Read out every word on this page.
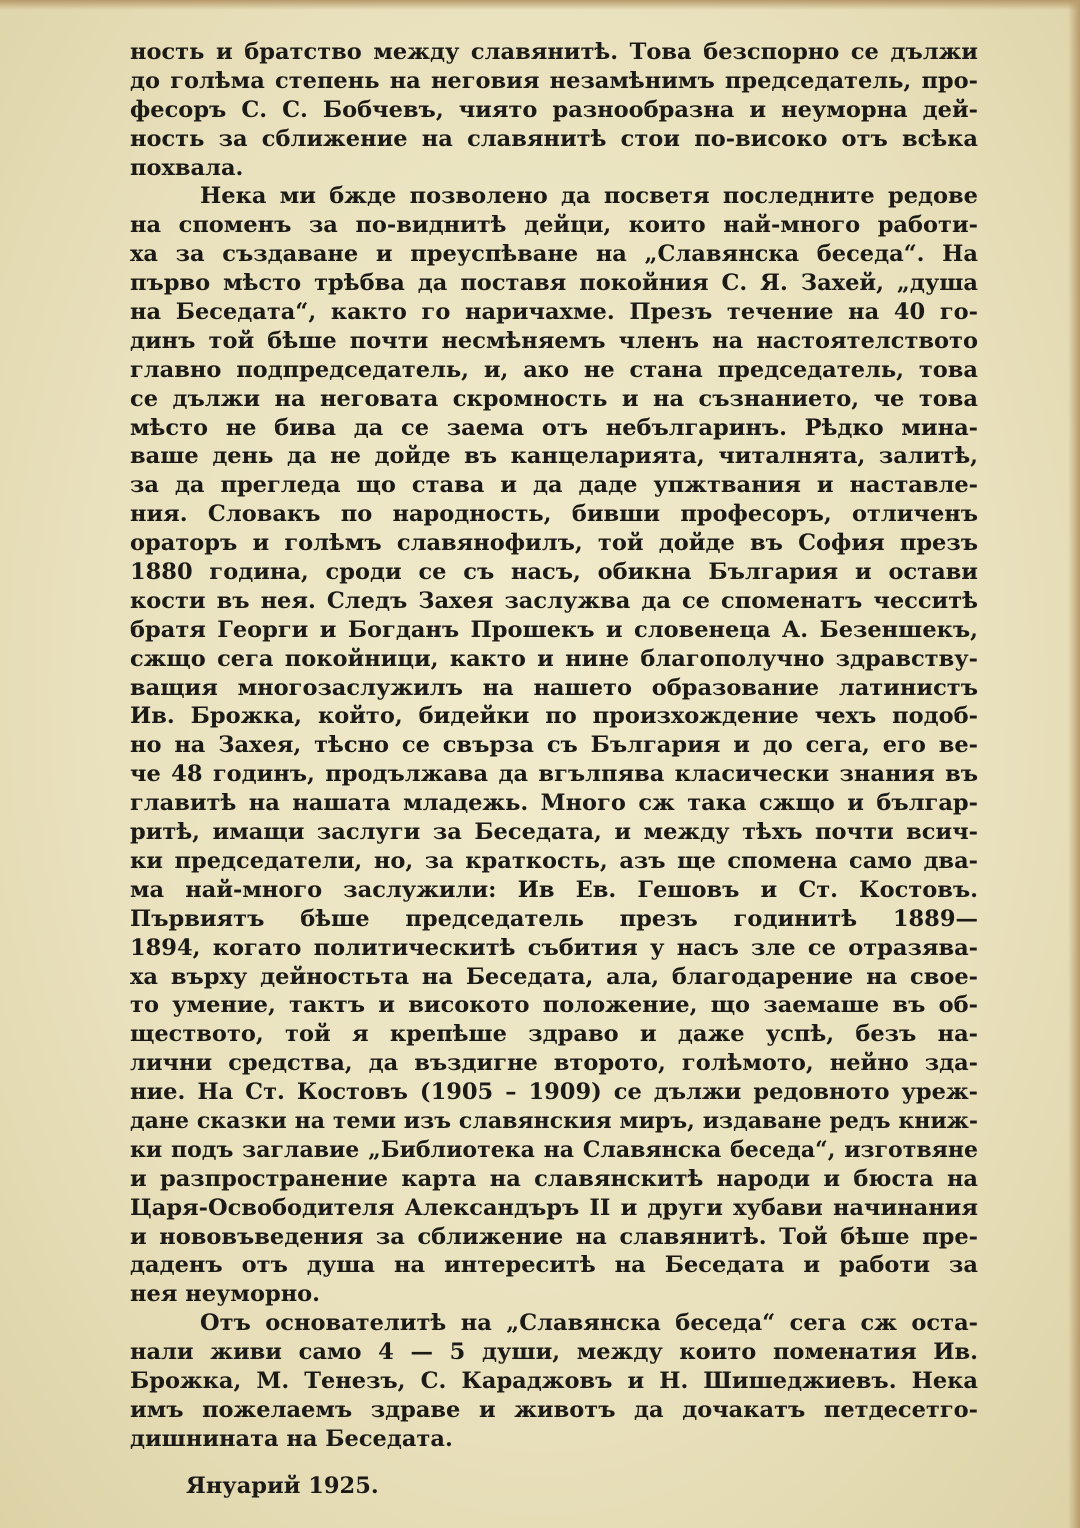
ность и братство между славянитѣ. Това безспорно се дължи
до голѣма степень на неговия незамѣнимъ председатель, про-
фесоръ С. С. Бобчевъ, чиято разнообразна и неуморна дей-
ность за сближение на славянитѣ стои по-високо отъ всѣка
похвала.
Нека ми бжде позволено да посветя последните редове
на споменъ за по-виднитѣ дейци, които най-много работи-
ха за създаване и преуспѣване на „Славянска беседа“. На
първо мѣсто трѣбва да поставя покойния С. Я. Захей, „душа
на Беседата“, както го наричахме. Презъ течение на 40 го-
динъ той бѣше почти несмѣняемъ членъ на настоятелството
главно подпредседатель, и, ако не стана председатель, това
се дължи на неговата скромность и на съзнанието, че това
мѣсто не бива да се заема отъ небългаринъ. Рѣдко мина-
ваше день да не дойде въ канцеларията, читалнята, залитѣ,
за да прегледа що става и да даде упжтвания и наставле-
ния. Словакъ по народность, бивши професоръ, отличенъ
ораторъ и голѣмъ славянофилъ, той дойде въ София презъ
1880 година, сроди се съ насъ, обикна България и остави
кости въ нея. Следъ Захея заслужва да се споменатъ чесситѣ
братя Георги и Богданъ Прошекъ и словенеца А. Безеншекъ,
сжщо сега покойници, както и нине благополучно здравству-
ващия многозаслужилъ на нашето образование латинистъ
Ив. Брожка, който, бидейки по произхождение чехъ подоб-
но на Захея, тѣсно се свърза съ България и до сега, его ве-
че 48 годинъ, продължава да вгълпява класически знания въ
главитѣ на нашата младежь. Много сж така сжщо и българ-
ритѣ, имащи заслуги за Беседата, и между тѣхъ почти всич-
ки председатели, но, за краткость, азъ ще спомена само два-
ма най-много заслужили: Ив Ев. Гешовъ и Ст. Костовъ.
Първиятъ бѣше председатель презъ годинитѣ 1889—
1894, когато политическитѣ събития у насъ зле се отразява-
ха върху дейностьта на Беседата, ала, благодарение на свое-
то умение, тактъ и високото положение, що заемаше въ об-
ществото, той я крепѣше здраво и даже успѣ, безъ на-
лични средства, да въздигне второто, голѣмото, нейно зда-
ние. На Ст. Костовъ (1905 – 1909) се дължи редовното уреж-
дане сказки на теми изъ славянския миръ, издаване редъ книж-
ки подъ заглавие „Библиотека на Славянска беседа“, изготвяне
и разпространение карта на славянскитѣ народи и бюста на
Царя-Освободителя Александъръ II и други хубави начинания
и нововъведения за сближение на славянитѣ. Той бѣше пре-
даденъ отъ душа на интереситѣ на Беседата и работи за
нея неуморно.
Отъ основателитѣ на „Славянска беседа“ сега сж оста-
нали живи само 4 — 5 души, между които поменатия Ив.
Брожка, М. Тенезъ, С. Караджовъ и Н. Шишеджиевъ. Нека
имъ пожелаемъ здраве и животъ да дочакатъ петдесетго-
дишнината на Беседата.
Януарий 1925.
